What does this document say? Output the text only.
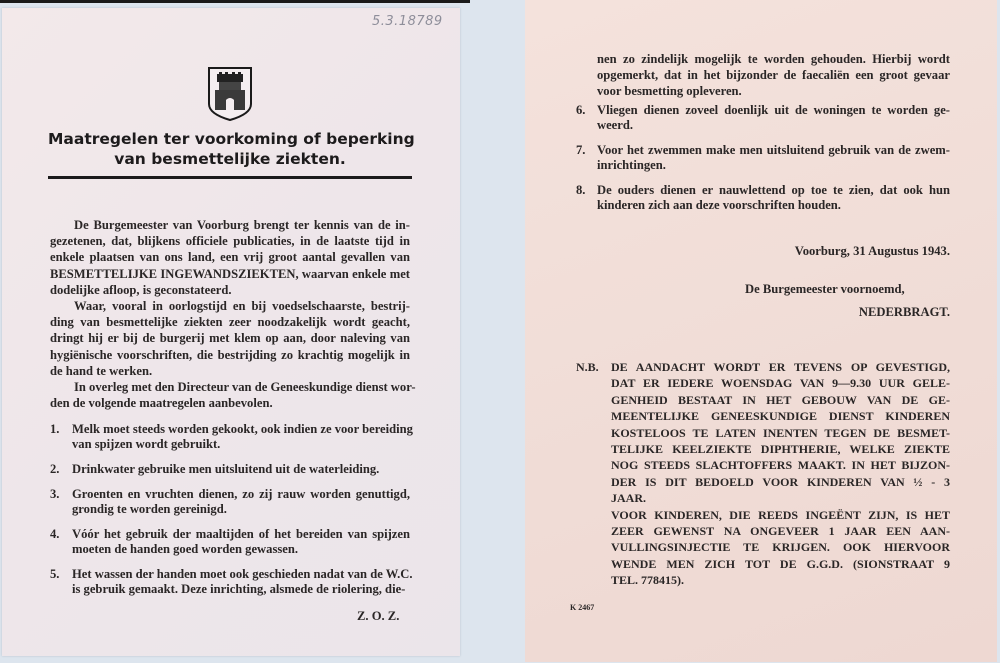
5.3.18789
Maatregelen ter voorkoming of beperking
van besmettelijke ziekten.
De Burgemeester van Voorburg brengt ter kennis van de in-
gezetenen, dat, blijkens officiele publicaties, in de laatste tijd in
enkele plaatsen van ons land, een vrij groot aantal gevallen van
BESMETTELIJKE INGEWANDSZIEKTEN, waarvan enkele met
dodelijke afloop, is geconstateerd.
Waar, vooral in oorlogstijd en bij voedselschaarste, bestrij-
ding van besmettelijke ziekten zeer noodzakelijk wordt geacht,
dringt hij er bij de burgerij met klem op aan, door naleving van
hygiënische voorschriften, die bestrijding zo krachtig mogelijk in
de hand te werken.
In overleg met den Directeur van de Geneeskundige dienst wor-
den de volgende maatregelen aanbevolen.
1. Melk moet steeds worden gekookt, ook indien ze voor bereiding
van spijzen wordt gebruikt.
2. Drinkwater gebruike men uitsluitend uit de waterleiding.
3. Groenten en vruchten dienen, zo zij rauw worden genuttigd,
grondig te worden gereinigd.
4. Vóór het gebruik der maaltijden of het bereiden van spijzen
moeten de handen goed worden gewassen.
5. Het wassen der handen moet ook geschieden nadat van de W.C.
is gebruik gemaakt. Deze inrichting, alsmede de riolering, die-
Z. O. Z.
nen zo zindelijk mogelijk te worden gehouden. Hierbij wordt
opgemerkt, dat in het bijzonder de faecaliën een groot gevaar
voor besmetting opleveren.
6. Vliegen dienen zoveel doenlijk uit de woningen te worden ge-
weerd.
7. Voor het zwemmen make men uitsluitend gebruik van de zwem-
inrichtingen.
8. De ouders dienen er nauwlettend op toe te zien, dat ook hun
kinderen zich aan deze voorschriften houden.
Voorburg, 31 Augustus 1943.
De Burgemeester voornoemd,
NEDERBRAGT.
N.B. DE AANDACHT WORDT ER TEVENS OP GEVESTIGD,
DAT ER IEDERE WOENSDAG VAN 9—9.30 UUR GELE-
GENHEID BESTAAT IN HET GEBOUW VAN DE GE-
MEENTELIJKE GENEESKUNDIGE DIENST KINDEREN
KOSTELOOS TE LATEN INENTEN TEGEN DE BESMET-
TELIJKE KEELZIEKTE DIPHTHERIE, WELKE ZIEKTE
NOG STEEDS SLACHTOFFERS MAAKT. IN HET BIJZON-
DER IS DIT BEDOELD VOOR KINDEREN VAN ½ - 3
JAAR.
VOOR KINDEREN, DIE REEDS INGEËNT ZIJN, IS HET
ZEER GEWENST NA ONGEVEER 1 JAAR EEN AAN-
VULLINGSINJECTIE TE KRIJGEN. OOK HIERVOOR
WENDE MEN ZICH TOT DE G.G.D. (SIONSTRAAT 9
TEL. 778415).
K 2467
